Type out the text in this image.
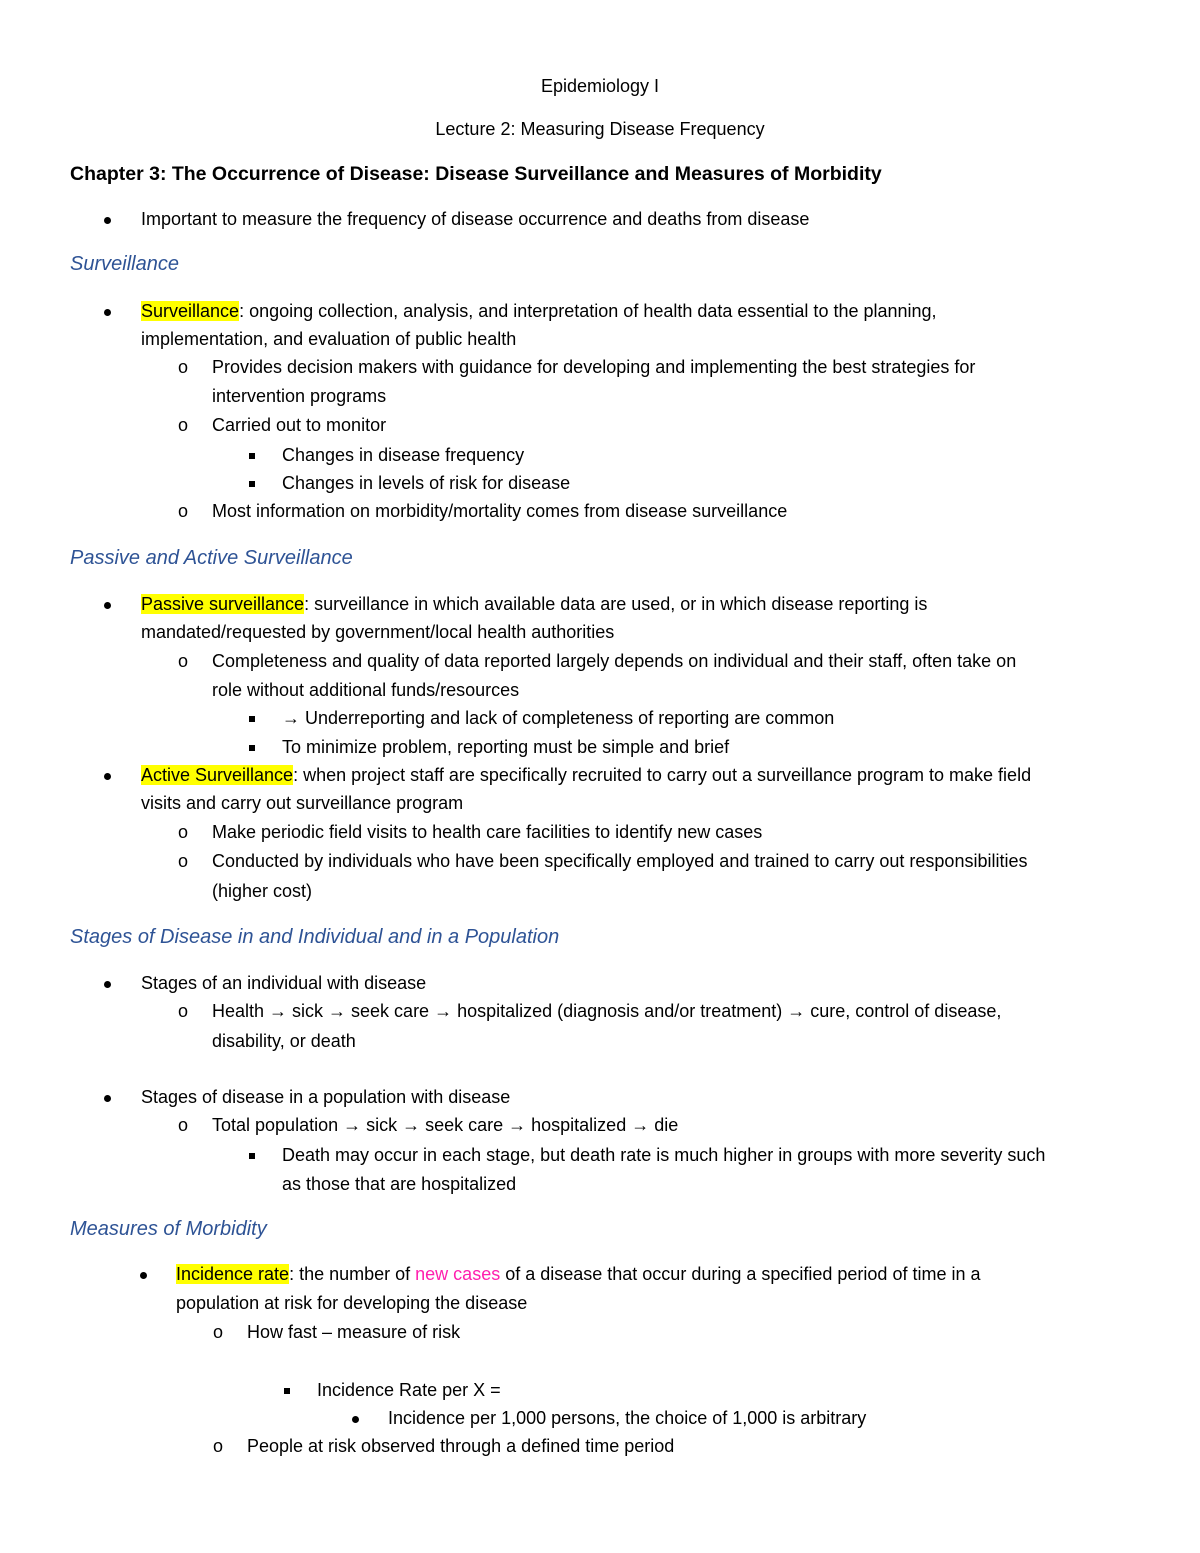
Epidemiology I
Lecture 2: Measuring Disease Frequency
Chapter 3: The Occurrence of Disease: Disease Surveillance and Measures of Morbidity
Important to measure the frequency of disease occurrence and deaths from disease
Surveillance
Surveillance: ongoing collection, analysis, and interpretation of health data essential to the planning,
implementation, and evaluation of public health
o Provides decision makers with guidance for developing and implementing the best strategies for
intervention programs
o Carried out to monitor
Changes in disease frequency
Changes in levels of risk for disease
o Most information on morbidity/mortality comes from disease surveillance
Passive and Active Surveillance
Passive surveillance: surveillance in which available data are used, or in which disease reporting is
mandated/requested by government/local health authorities
o Completeness and quality of data reported largely depends on individual and their staff, often take on
role without additional funds/resources
→ Underreporting and lack of completeness of reporting are common
To minimize problem, reporting must be simple and brief
Active Surveillance: when project staff are specifically recruited to carry out a surveillance program to make field
visits and carry out surveillance program
o Make periodic field visits to health care facilities to identify new cases
o Conducted by individuals who have been specifically employed and trained to carry out responsibilities
(higher cost)
Stages of Disease in and Individual and in a Population
Stages of an individual with disease
o Health → sick → seek care → hospitalized (diagnosis and/or treatment) → cure, control of disease,
disability, or death
Stages of disease in a population with disease
o Total population → sick → seek care → hospitalized → die
Death may occur in each stage, but death rate is much higher in groups with more severity such
as those that are hospitalized
Measures of Morbidity
Incidence rate: the number of new cases of a disease that occur during a specified period of time in a
population at risk for developing the disease
o How fast – measure of risk
Incidence Rate per X =
Incidence per 1,000 persons, the choice of 1,000 is arbitrary
o People at risk observed through a defined time period
